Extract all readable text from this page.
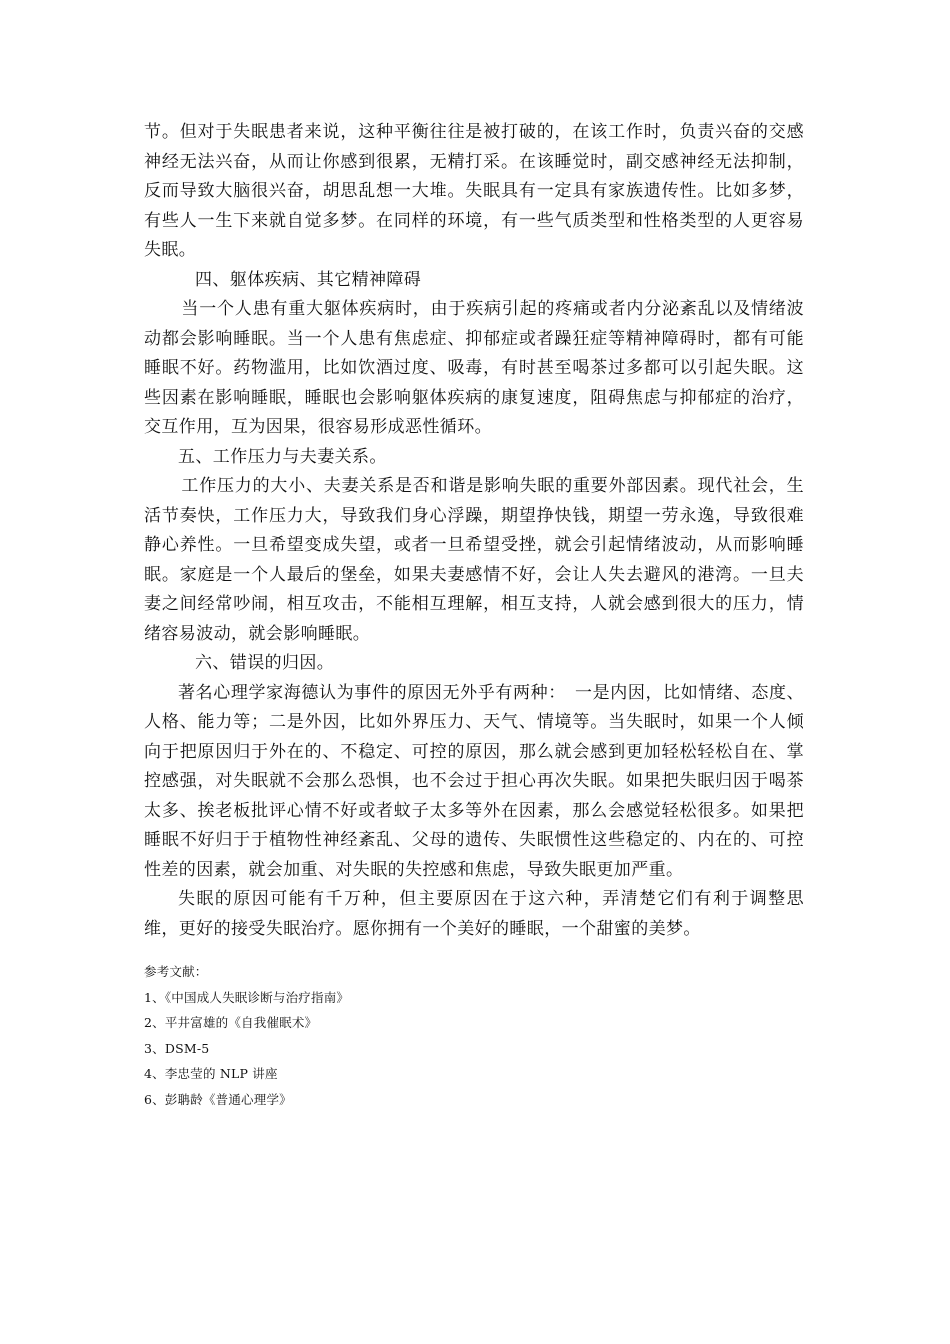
节。但对于失眠患者来说，这种平衡往往是被打破的，在该工作时，负责兴奋的交感神经无法兴奋，从而让你感到很累，无精打采。在该睡觉时，副交感神经无法抑制，反而导致大脑很兴奋，胡思乱想一大堆。失眠具有一定具有家族遗传性。比如多梦，有些人一生下来就自觉多梦。在同样的环境，有一些气质类型和性格类型的人更容易失眠。

四、躯体疾病、其它精神障碍

当一个人患有重大躯体疾病时，由于疾病引起的疼痛或者内分泌紊乱以及情绪波动都会影响睡眠。当一个人患有焦虑症、抑郁症或者躁狂症等精神障碍时，都有可能睡眠不好。药物滥用，比如饮酒过度、吸毒，有时甚至喝茶过多都可以引起失眠。这些因素在影响睡眠，睡眠也会影响躯体疾病的康复速度，阻碍焦虑与抑郁症的治疗，交互作用，互为因果，很容易形成恶性循环。

五、工作压力与夫妻关系。

工作压力的大小、夫妻关系是否和谐是影响失眠的重要外部因素。现代社会，生活节奏快，工作压力大，导致我们身心浮躁，期望挣快钱，期望一劳永逸，导致很难静心养性。一旦希望变成失望，或者一旦希望受挫，就会引起情绪波动，从而影响睡眠。家庭是一个人最后的堡垒，如果夫妻感情不好，会让人失去避风的港湾。一旦夫妻之间经常吵闹，相互攻击，不能相互理解，相互支持，人就会感到很大的压力，情绪容易波动，就会影响睡眠。

六、错误的归因。

著名心理学家海德认为事件的原因无外乎有两种：　一是内因，比如情绪、态度、人格、能力等；二是外因，比如外界压力、天气、情境等。当失眠时，如果一个人倾向于把原因归于外在的、不稳定、可控的原因，那么就会感到更加轻松轻松自在、掌控感强，对失眠就不会那么恐惧，也不会过于担心再次失眠。如果把失眠归因于喝茶太多、挨老板批评心情不好或者蚊子太多等外在因素，那么会感觉轻松很多。如果把睡眠不好归于于植物性神经紊乱、父母的遗传、失眠惯性这些稳定的、内在的、可控性差的因素，就会加重、对失眠的失控感和焦虑，导致失眠更加严重。

失眠的原因可能有千万种，但主要原因在于这六种，弄清楚它们有利于调整思维，更好的接受失眠治疗。愿你拥有一个美好的睡眠，一个甜蜜的美梦。

参考文献：

1、《中国成人失眠诊断与治疗指南》

2、平井富雄的《自我催眠术》

3、DSM-5

4、李忠莹的 NLP 讲座

6、彭聃龄《普通心理学》
